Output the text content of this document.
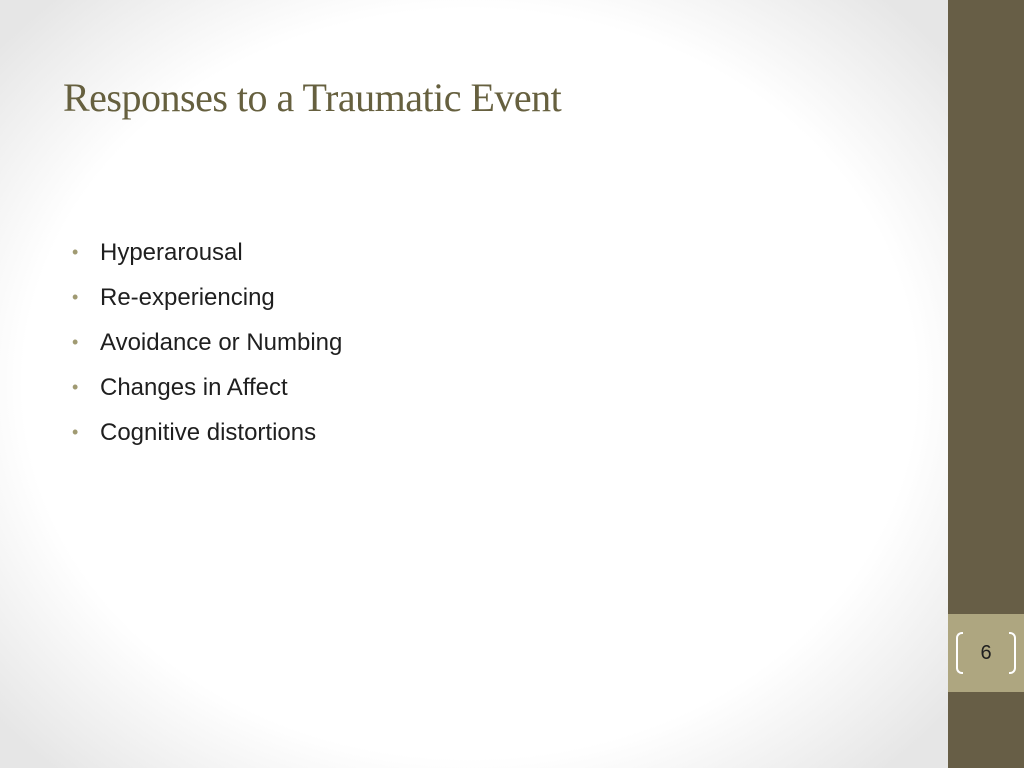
Responses to a Traumatic Event
• Hyperarousal
• Re-experiencing
• Avoidance or Numbing
• Changes in Affect
• Cognitive distortions
6
